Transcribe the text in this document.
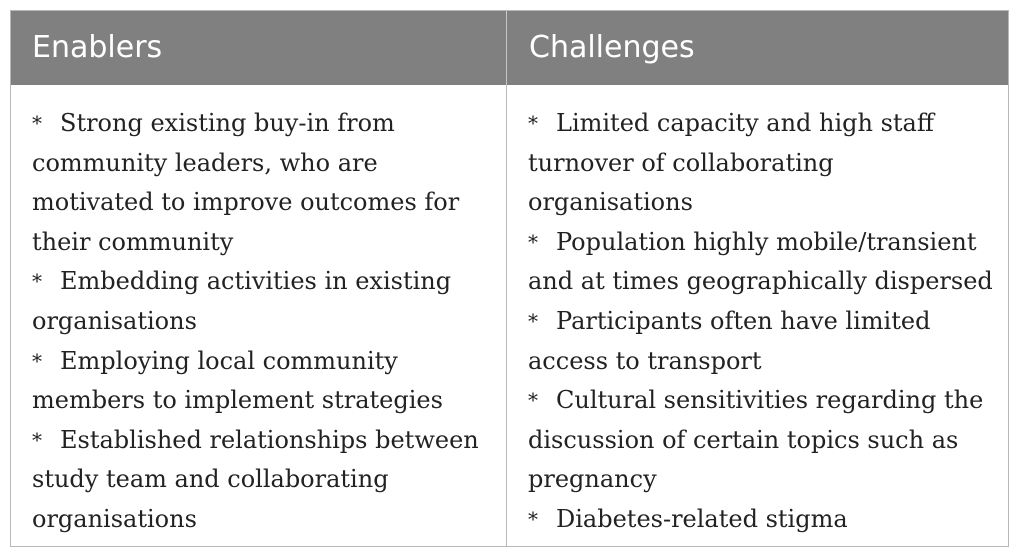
Enablers	Challenges

* Strong existing buy-in from community leaders, who are motivated to improve outcomes for their community

* Embedding activities in existing organisations

* Employing local community members to implement strategies

* Established relationships between study team and collaborating organisations

* Limited capacity and high staff turnover of collaborating organisations

* Population highly mobile/transient and at times geographically dispersed

* Participants often have limited access to transport

* Cultural sensitivities regarding the discussion of certain topics such as pregnancy

* Diabetes-related stigma
